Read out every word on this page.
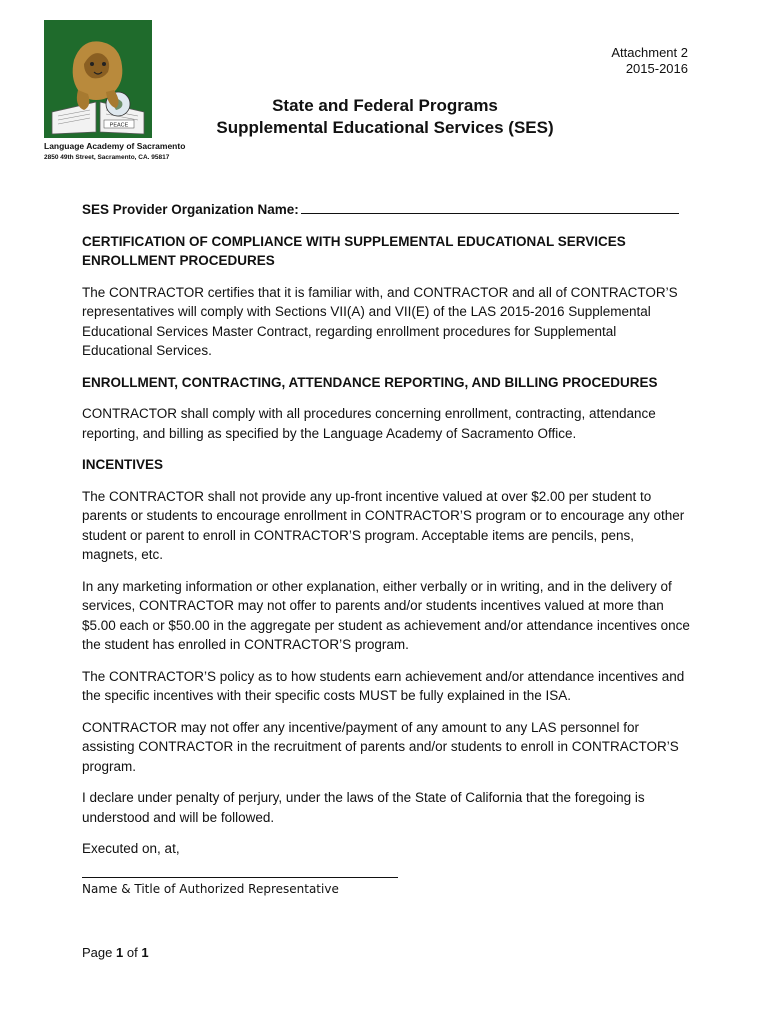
PEACE
Language Academy of Sacramento
2850 49th Street, Sacramento, CA. 95817
Attachment 2
2015-2016
State and Federal Programs
Supplemental Educational Services (SES)
SES Provider Organization Name:
CERTIFICATION OF COMPLIANCE WITH SUPPLEMENTAL EDUCATIONAL SERVICES ENROLLMENT PROCEDURES

The CONTRACTOR certifies that it is familiar with, and CONTRACTOR and all of CONTRACTOR’S representatives will comply with Sections VII(A) and VII(E) of the LAS 2015-2016 Supplemental Educational Services Master Contract, regarding enrollment procedures for Supplemental Educational Services.

ENROLLMENT, CONTRACTING, ATTENDANCE REPORTING, AND BILLING PROCEDURES

CONTRACTOR shall comply with all procedures concerning enrollment, contracting, attendance reporting, and billing as specified by the Language Academy of Sacramento Office.

INCENTIVES

The CONTRACTOR shall not provide any up-front incentive valued at over $2.00 per student to parents or students to encourage enrollment in CONTRACTOR’S program or to encourage any other student or parent to enroll in CONTRACTOR’S program. Acceptable items are pencils, pens, magnets, etc.

In any marketing information or other explanation, either verbally or in writing, and in the delivery of services, CONTRACTOR may not offer to parents and/or students incentives valued at more than $5.00 each or $50.00 in the aggregate per student as achievement and/or attendance incentives once the student has enrolled in CONTRACTOR’S program.

The CONTRACTOR’S policy as to how students earn achievement and/or attendance incentives and the specific incentives with their specific costs MUST be fully explained in the ISA.

CONTRACTOR may not offer any incentive/payment of any amount to any LAS personnel for assisting CONTRACTOR in the recruitment of parents and/or students to enroll in CONTRACTOR’S program.

I declare under penalty of perjury, under the laws of the State of California that the foregoing is understood and will be followed.

Executed on, at,

Name & Title of Authorized Representative
Page 1 of 1
